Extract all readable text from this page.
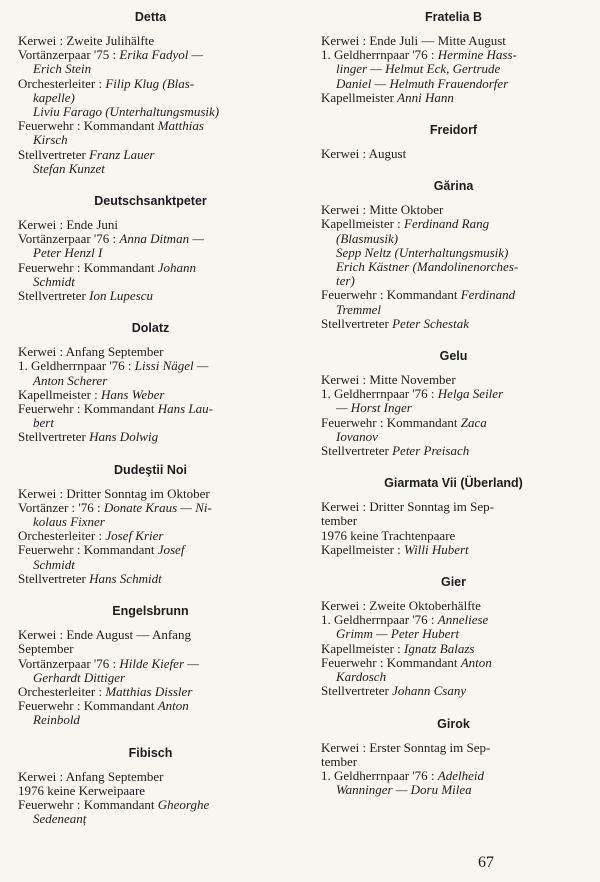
Detta
Kerwei : Zweite Julihälfte
Vortänzerpaar '75 : Erika Fadyol —
Erich Stein
Orchesterleiter : Filip Klug (Blas-
kapelle)
Liviu Farago (Unterhaltungsmusik)
Feuerwehr : Kommandant Matthias
Kirsch
Stellvertreter Franz Lauer
Stefan Kunzet
Deutschsanktpeter
Kerwei : Ende Juni
Vortänzerpaar '76 : Anna Ditman —
Peter Henzl I
Feuerwehr : Kommandant Johann
Schmidt
Stellvertreter Ion Lupescu
Dolatz
Kerwei : Anfang September
1. Geldherrnpaar '76 : Lissi Nägel —
Anton Scherer
Kapellmeister : Hans Weber
Feuerwehr : Kommandant Hans Lau-
bert
Stellvertreter Hans Dolwig
Dudeştii Noi
Kerwei : Dritter Sonntag im Oktober
Vortänzer : '76 : Donate Kraus — Ni-
kolaus Fixner
Orchesterleiter : Josef Krier
Feuerwehr : Kommandant Josef
Schmidt
Stellvertreter Hans Schmidt
Engelsbrunn
Kerwei : Ende August — Anfang
September
Vortänzerpaar '76 : Hilde Kiefer —
Gerhardt Dittiger
Orchesterleiter : Matthias Dissler
Feuerwehr : Kommandant Anton
Reinbold
Fibisch
Kerwei : Anfang September
1976 keine Kerweipaare
Feuerwehr : Kommandant Gheorghe
Sedeneanț
Fratelia B
Kerwei : Ende Juli — Mitte August
1. Geldherrnpaar '76 : Hermine Hass-
linger — Helmut Eck, Gertrude
Daniel — Helmuth Frauendorfer
Kapellmeister Anni Hann
Freidorf
Kerwei : August
Gărina
Kerwei : Mitte Oktober
Kapellmeister : Ferdinand Rang
(Blasmusik)
Sepp Neltz (Unterhaltungsmusik)
Erich Kästner (Mandolinenorches-
ter)
Feuerwehr : Kommandant Ferdinand
Tremmel
Stellvertreter Peter Schestak
Gelu
Kerwei : Mitte November
1. Geldherrnpaar '76 : Helga Seiler
— Horst Inger
Feuerwehr : Kommandant Zaca
Iovanov
Stellvertreter Peter Preisach
Giarmata Vii (Überland)
Kerwei : Dritter Sonntag im Sep-
tember
1976 keine Trachtenpaare
Kapellmeister : Willi Hubert
Gier
Kerwei : Zweite Oktoberhälfte
1. Geldherrnpaar '76 : Anneliese
Grimm — Peter Hubert
Kapellmeister : Ignatz Balazs
Feuerwehr : Kommandant Anton
Kardosch
Stellvertreter Johann Csany
Girok
Kerwei : Erster Sonntag im Sep-
tember
1. Geldherrnpaar '76 : Adelheid
Wanninger — Doru Milea
67
